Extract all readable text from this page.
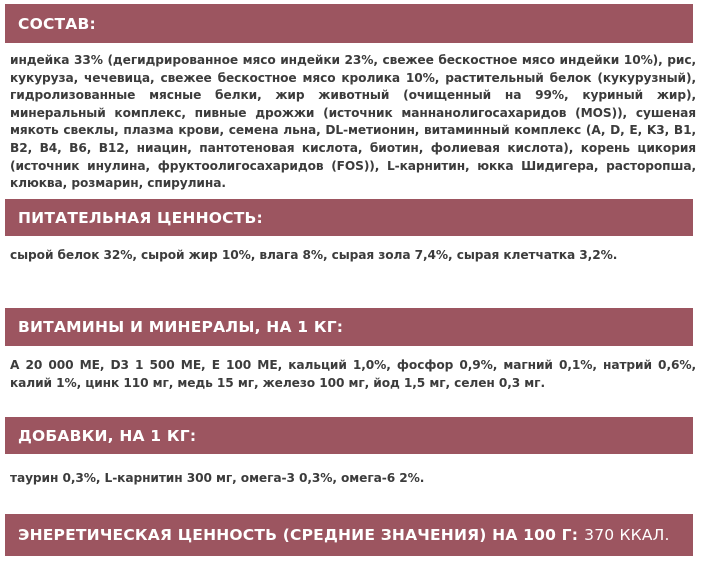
СОСТАВ:
индейка 33% (дегидрированное мясо индейки 23%, свежее бескостное мясо индейки 10%), рис, кукуруза, чечевица, свежее бескостное мясо кролика 10%, растительный белок (кукурузный), гидролизованные мясные белки, жир животный (очищенный на 99%, куриный жир), минеральный комплекс, пивные дрожжи (источник маннанолигосахаридов (MOS)), сушеная мякоть свеклы, плазма крови, семена льна, DL-метионин, витаминный комплекс (A, D, E, K3, B1, B2, B4, B6, B12, ниацин, пантотеновая кислота, биотин, фолиевая кислота), корень цикория (источник инулина, фруктоолигосахаридов (FOS)), L-карнитин, юкка Шидигера, расторопша, клюква, розмарин, спирулина.
ПИТАТЕЛЬНАЯ ЦЕННОСТЬ:
сырой белок 32%, сырой жир 10%, влага 8%, сырая зола 7,4%, сырая клетчатка 3,2%.
ВИТАМИНЫ И МИНЕРАЛЫ, НА 1 КГ:
А 20 000 МЕ, D3 1 500 МЕ, Е 100 МЕ, кальций 1,0%, фосфор 0,9%, магний 0,1%, натрий 0,6%, калий 1%, цинк 110 мг, медь 15 мг, железо 100 мг, йод 1,5 мг, селен 0,3 мг.
ДОБАВКИ, НА 1 КГ:
таурин 0,3%, L-карнитин 300 мг, омега-3 0,3%, омега-6 2%.
ЭНЕРЕТИЧЕСКАЯ ЦЕННОСТЬ (СРЕДНИЕ ЗНАЧЕНИЯ) НА 100 Г: 370 ККАЛ.
